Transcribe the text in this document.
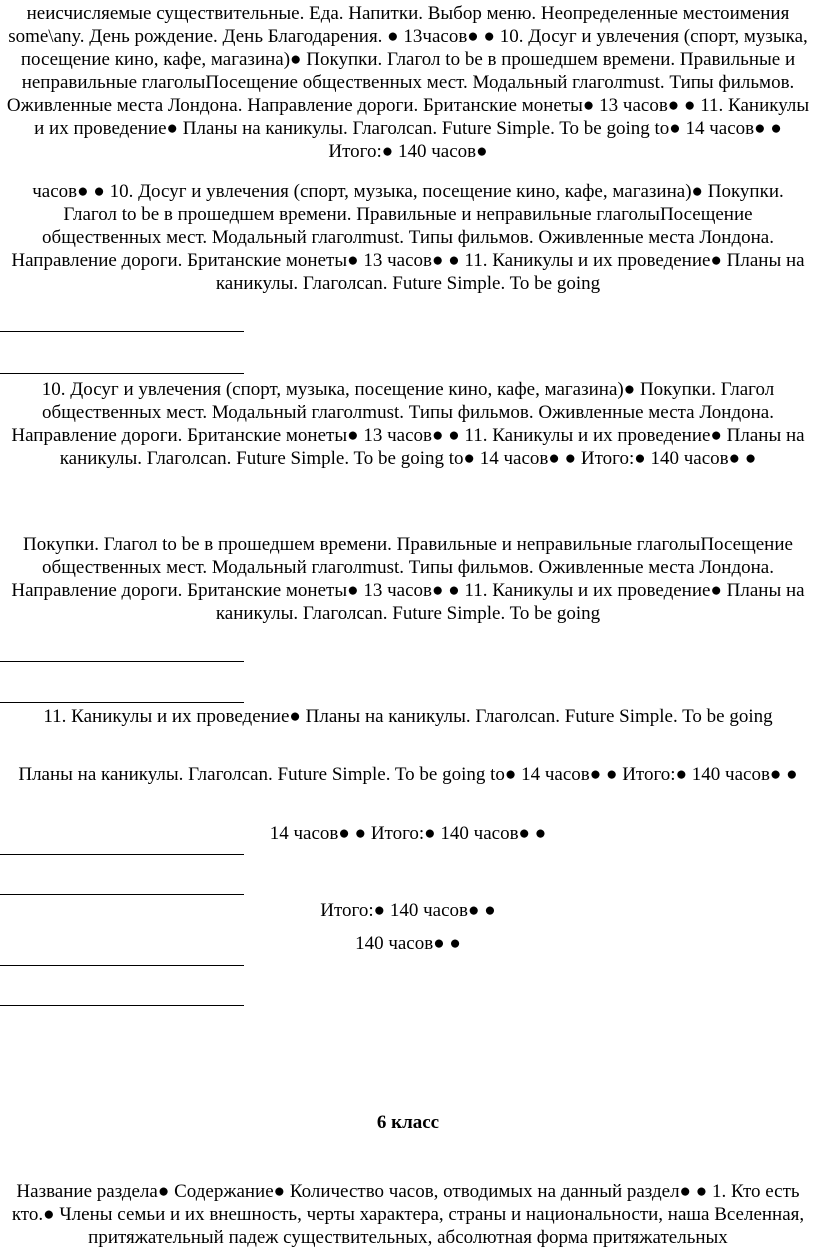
неисчисляемые существительные. Еда. Напитки. Выбор меню. Неопределенные местоимения some\any. День рождение. День Благодарения. ● 13часов● ● 10. Досуг и увлечения (спорт, музыка, посещение кино, кафе, магазина)● Покупки. Глагол to be в прошедшем времени. Правильные и неправильные глаголыПосещение общественных мест. Модальный глаголmust. Типы фильмов. Оживленные места Лондона. Направление дороги. Британские монеты● 13 часов● ● 11. Каникулы и их проведение● Планы на каникулы. Глаголcan. Future Simple. To be going to● 14 часов● ● Итого:● 140 часов●

часов● ● 10. Досуг и увлечения (спорт, музыка, посещение кино, кафе, магазина)● Покупки. Глагол to be в прошедшем времени. Правильные и неправильные глаголыПосещение общественных мест. Модальный глаголmust. Типы фильмов. Оживленные места Лондона. Направление дороги. Британские монеты● 13 часов● ● 11. Каникулы и их проведение● Планы на каникулы. Глаголcan. Future Simple. To be going

10. Досуг и увлечения (спорт, музыка, посещение кино, кафе, магазина)● Покупки. Глагол общественных мест. Модальный глаголmust. Типы фильмов. Оживленные места Лондона. Направление дороги. Британские монеты● 13 часов● ● 11. Каникулы и их проведение● Планы на каникулы. Глаголcan. Future Simple. To be going to● 14 часов● ● Итого:● 140 часов● ●

Покупки. Глагол to be в прошедшем времени. Правильные и неправильные глаголыПосещение общественных мест. Модальный глаголmust. Типы фильмов. Оживленные места Лондона. Направление дороги. Британские монеты● 13 часов● ● 11. Каникулы и их проведение● Планы на каникулы. Глаголcan. Future Simple. To be going

11. Каникулы и их проведение● Планы на каникулы. Глаголcan. Future Simple. To be going

Планы на каникулы. Глаголcan. Future Simple. To be going to● 14 часов● ● Итого:● 140 часов● ●

14 часов● ● Итого:● 140 часов● ●

Итого:● 140 часов● ●

140 часов● ●

6 класс

Название раздела● Содержание● Количество часов, отводимых на данный раздел● ● 1. Кто есть кто.● Члены семьи и их внешность, черты характера, страны и национальности, наша Вселенная, притяжательный падеж существительных, абсолютная форма притяжательных
